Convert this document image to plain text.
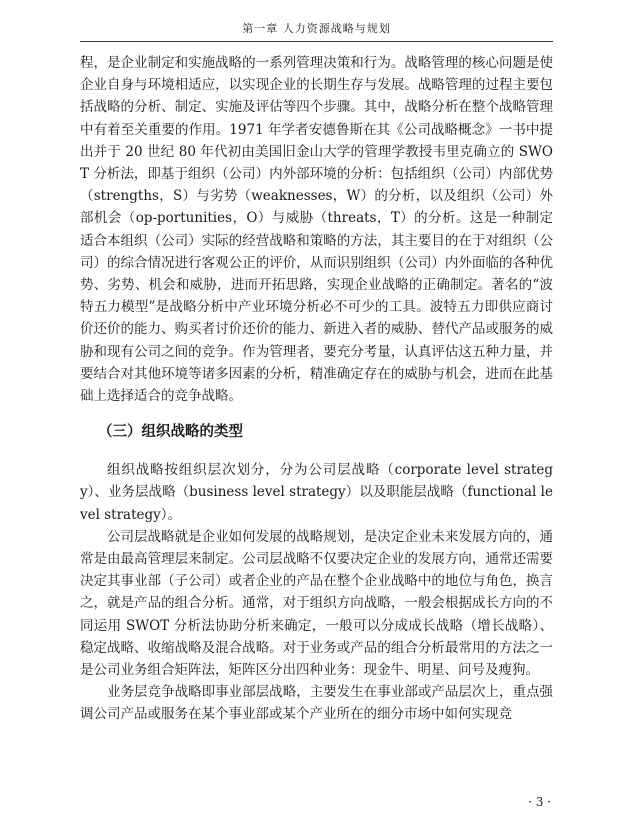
第一章 人力资源战略与规划

程，是企业制定和实施战略的一系列管理决策和行为。战略管理的核心问题是使企业自身与环境相适应，以实现企业的长期生存与发展。战略管理的过程主要包括战略的分析、制定、实施及评估等四个步骤。其中，战略分析在整个战略管理中有着至关重要的作用。1971 年学者安德鲁斯在其《公司战略概念》一书中提出并于 20 世纪 80 年代初由美国旧金山大学的管理学教授韦里克确立的 SWOT 分析法，即基于组织（公司）内外部环境的分析：包括组织（公司）内部优势（strengths，S）与劣势（weaknesses，W）的分析，以及组织（公司）外部机会（op-portunities，O）与威胁（threats，T）的分析。这是一种制定适合本组织（公司）实际的经营战略和策略的方法，其主要目的在于对组织（公司）的综合情况进行客观公正的评价，从而识别组织（公司）内外面临的各种优势、劣势、机会和威胁，进而开拓思路，实现企业战略的正确制定。著名的“波特五力模型”是战略分析中产业环境分析必不可少的工具。波特五力即供应商讨价还价的能力、购买者讨价还价的能力、新进入者的威胁、替代产品或服务的威胁和现有公司之间的竞争。作为管理者，要充分考量，认真评估这五种力量，并要结合对其他环境等诸多因素的分析，精准确定存在的威胁与机会，进而在此基础上选择适合的竞争战略。

（三）组织战略的类型

组织战略按组织层次划分，分为公司层战略（corporate level strategy）、业务层战略（business level strategy）以及职能层战略（functional level strategy）。

公司层战略就是企业如何发展的战略规划，是决定企业未来发展方向的，通常是由最高管理层来制定。公司层战略不仅要决定企业的发展方向，通常还需要决定其事业部（子公司）或者企业的产品在整个企业战略中的地位与角色，换言之，就是产品的组合分析。通常，对于组织方向战略，一般会根据成长方向的不同运用 SWOT 分析法协助分析来确定，一般可以分成成长战略（增长战略）、稳定战略、收缩战略及混合战略。对于业务或产品的组合分析最常用的方法之一是公司业务组合矩阵法，矩阵区分出四种业务：现金牛、明星、问号及瘦狗。

业务层竞争战略即事业部层战略，主要发生在事业部或产品层次上，重点强调公司产品或服务在某个事业部或某个产业所在的细分市场中如何实现竞

· 3 ·
